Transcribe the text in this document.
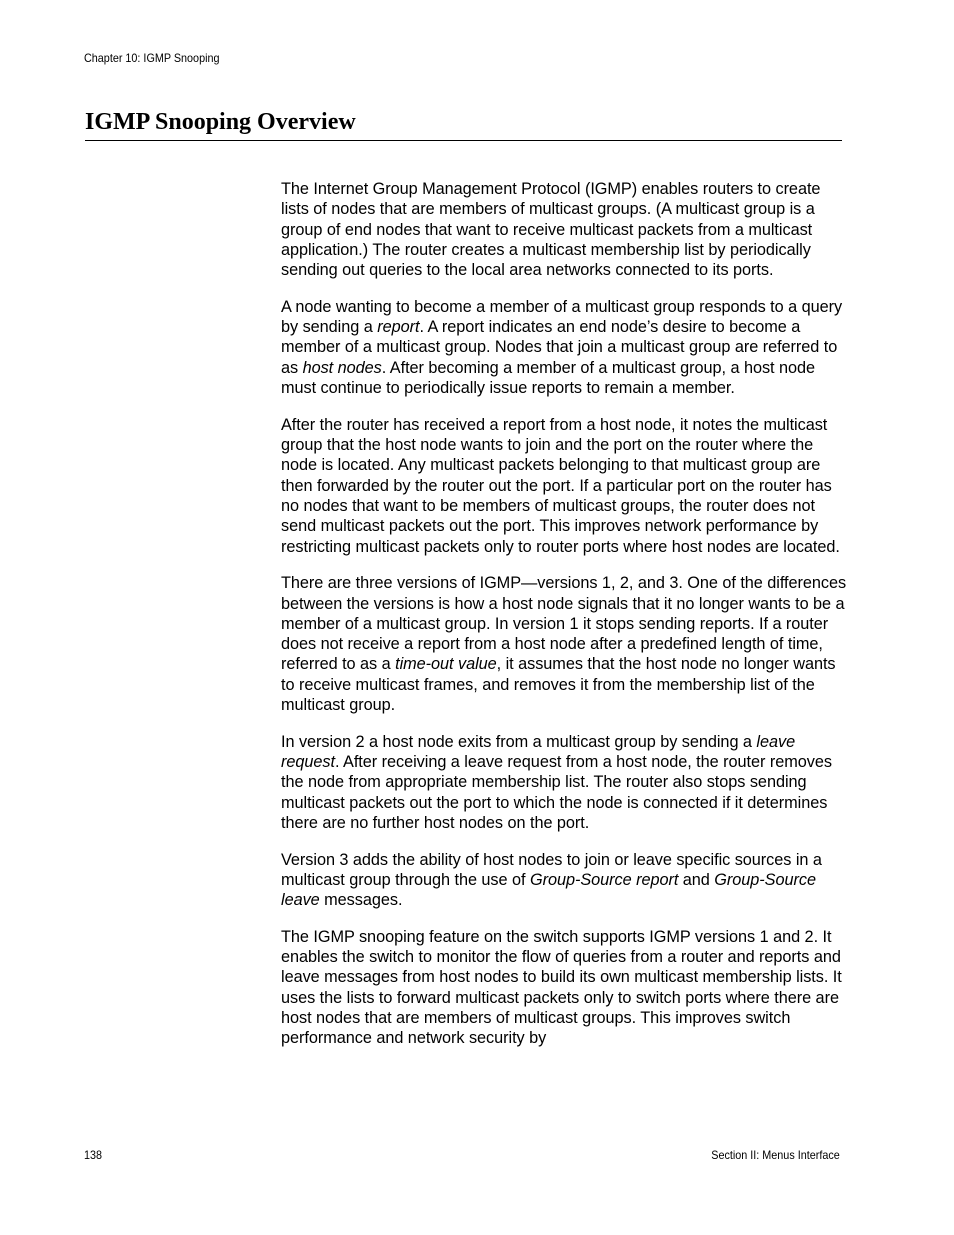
Chapter 10: IGMP Snooping
IGMP Snooping Overview

The Internet Group Management Protocol (IGMP) enables routers to create lists of nodes that are members of multicast groups. (A multicast group is a group of end nodes that want to receive multicast packets from a multicast application.) The router creates a multicast membership list by periodically sending out queries to the local area networks connected to its ports.

A node wanting to become a member of a multicast group responds to a query by sending a report. A report indicates an end node’s desire to become a member of a multicast group. Nodes that join a multicast group are referred to as host nodes. After becoming a member of a multicast group, a host node must continue to periodically issue reports to remain a member.

After the router has received a report from a host node, it notes the multicast group that the host node wants to join and the port on the router where the node is located. Any multicast packets belonging to that multicast group are then forwarded by the router out the port. If a particular port on the router has no nodes that want to be members of multicast groups, the router does not send multicast packets out the port. This improves network performance by restricting multicast packets only to router ports where host nodes are located.

There are three versions of IGMP—versions 1, 2, and 3. One of the differences between the versions is how a host node signals that it no longer wants to be a member of a multicast group. In version 1 it stops sending reports. If a router does not receive a report from a host node after a predefined length of time, referred to as a time-out value, it assumes that the host node no longer wants to receive multicast frames, and removes it from the membership list of the multicast group.

In version 2 a host node exits from a multicast group by sending a leave request. After receiving a leave request from a host node, the router removes the node from appropriate membership list. The router also stops sending multicast packets out the port to which the node is connected if it determines there are no further host nodes on the port.

Version 3 adds the ability of host nodes to join or leave specific sources in a multicast group through the use of Group-Source report and Group-Source leave messages.

The IGMP snooping feature on the switch supports IGMP versions 1 and 2. It enables the switch to monitor the flow of queries from a router and reports and leave messages from host nodes to build its own multicast membership lists. It uses the lists to forward multicast packets only to switch ports where there are host nodes that are members of multicast groups. This improves switch performance and network security by

138	Section II: Menus Interface
